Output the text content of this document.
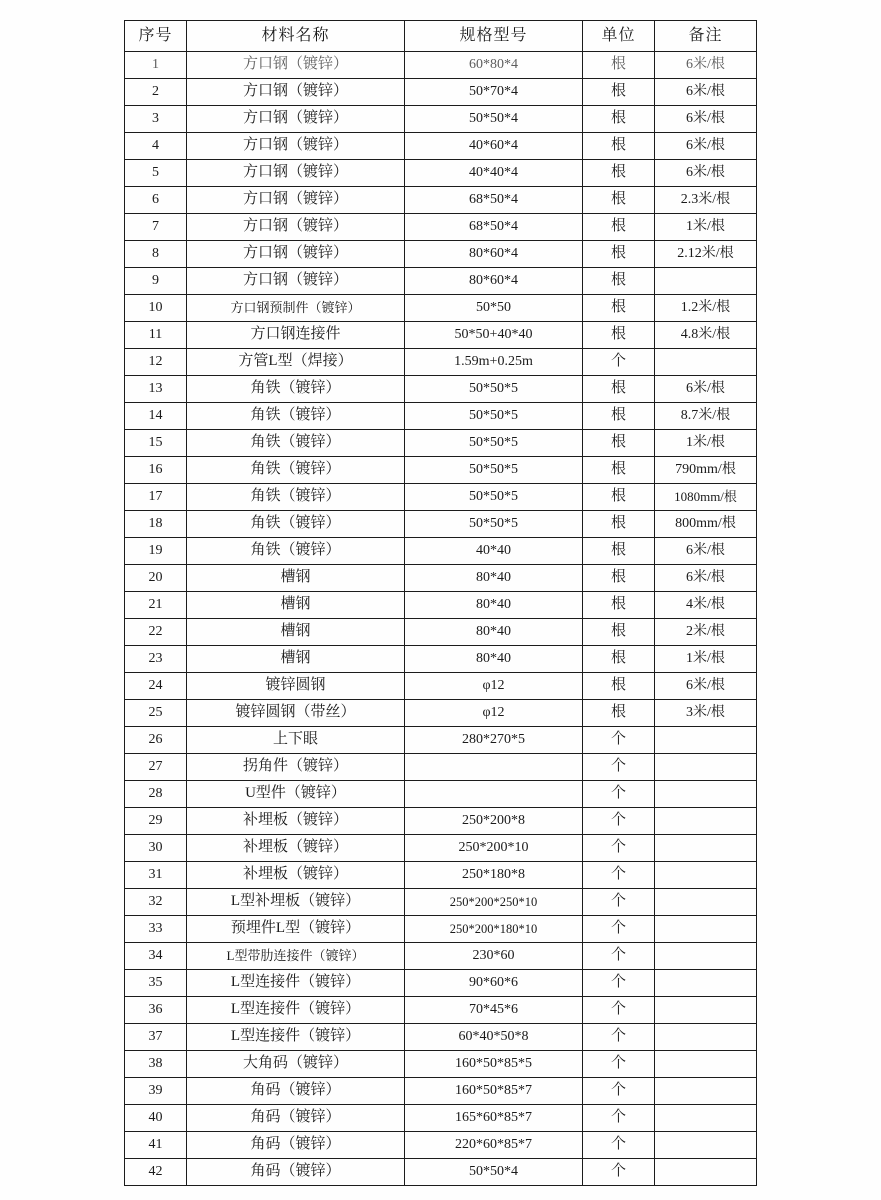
序号	材料名称	规格型号	单位	备注
1	方口钢（镀锌）	60*80*4	根	6米/根
2	方口钢（镀锌）	50*70*4	根	6米/根
3	方口钢（镀锌）	50*50*4	根	6米/根
4	方口钢（镀锌）	40*60*4	根	6米/根
5	方口钢（镀锌）	40*40*4	根	6米/根
6	方口钢（镀锌）	68*50*4	根	2.3米/根
7	方口钢（镀锌）	68*50*4	根	1米/根
8	方口钢（镀锌）	80*60*4	根	2.12米/根
9	方口钢（镀锌）	80*60*4	根	
10	方口钢预制件（镀锌）	50*50	根	1.2米/根
11	方口钢连接件	50*50+40*40	根	4.8米/根
12	方管L型（焊接）	1.59m+0.25m	个	
13	角铁（镀锌）	50*50*5	根	6米/根
14	角铁（镀锌）	50*50*5	根	8.7米/根
15	角铁（镀锌）	50*50*5	根	1米/根
16	角铁（镀锌）	50*50*5	根	790mm/根
17	角铁（镀锌）	50*50*5	根	1080mm/根
18	角铁（镀锌）	50*50*5	根	800mm/根
19	角铁（镀锌）	40*40	根	6米/根
20	槽钢	80*40	根	6米/根
21	槽钢	80*40	根	4米/根
22	槽钢	80*40	根	2米/根
23	槽钢	80*40	根	1米/根
24	镀锌圆钢	φ12	根	6米/根
25	镀锌圆钢（带丝）	φ12	根	3米/根
26	上下眼	280*270*5	个	
27	拐角件（镀锌）		个	
28	U型件（镀锌）		个	
29	补埋板（镀锌）	250*200*8	个	
30	补埋板（镀锌）	250*200*10	个	
31	补埋板（镀锌）	250*180*8	个	
32	L型补埋板（镀锌）	250*200*250*10	个	
33	预埋件L型（镀锌）	250*200*180*10	个	
34	L型带肋连接件（镀锌）	230*60	个	
35	L型连接件（镀锌）	90*60*6	个	
36	L型连接件（镀锌）	70*45*6	个	
37	L型连接件（镀锌）	60*40*50*8	个	
38	大角码（镀锌）	160*50*85*5	个	
39	角码（镀锌）	160*50*85*7	个	
40	角码（镀锌）	165*60*85*7	个	
41	角码（镀锌）	220*60*85*7	个	
42	角码（镀锌）	50*50*4	个	
